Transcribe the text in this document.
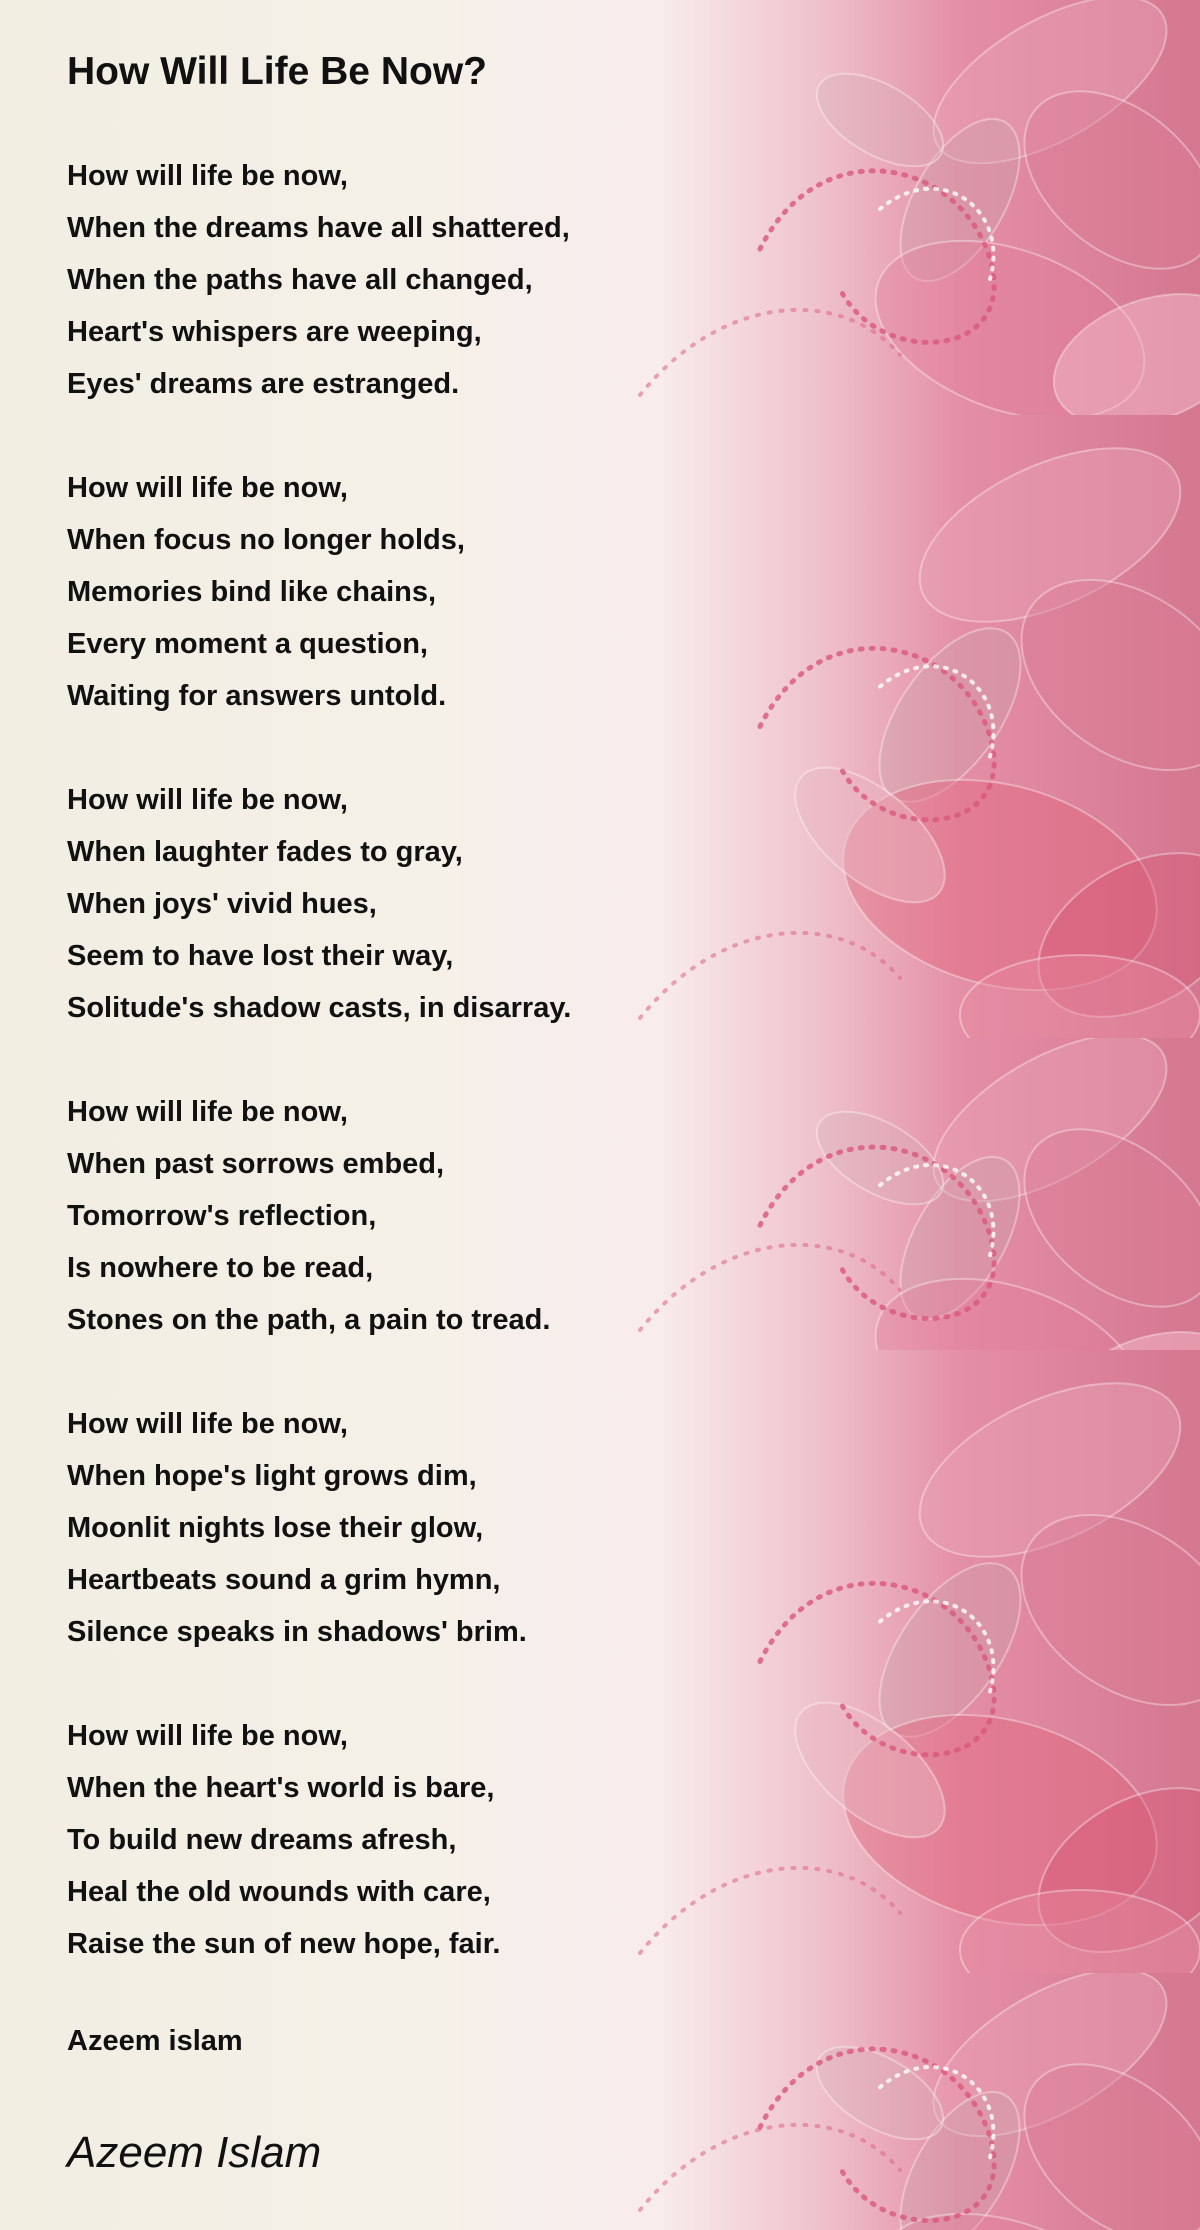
How Will Life Be Now?
How will life be now,
When the dreams have all shattered,
When the paths have all changed,
Heart's whispers are weeping,
Eyes' dreams are estranged.
How will life be now,
When focus no longer holds,
Memories bind like chains,
Every moment a question,
Waiting for answers untold.
How will life be now,
When laughter fades to gray,
When joys' vivid hues,
Seem to have lost their way,
Solitude's shadow casts, in disarray.
How will life be now,
When past sorrows embed,
Tomorrow's reflection,
Is nowhere to be read,
Stones on the path, a pain to tread.
How will life be now,
When hope's light grows dim,
Moonlit nights lose their glow,
Heartbeats sound a grim hymn,
Silence speaks in shadows' brim.
How will life be now,
When the heart's world is bare,
To build new dreams afresh,
Heal the old wounds with care,
Raise the sun of new hope, fair.
Azeem islam
Azeem Islam
